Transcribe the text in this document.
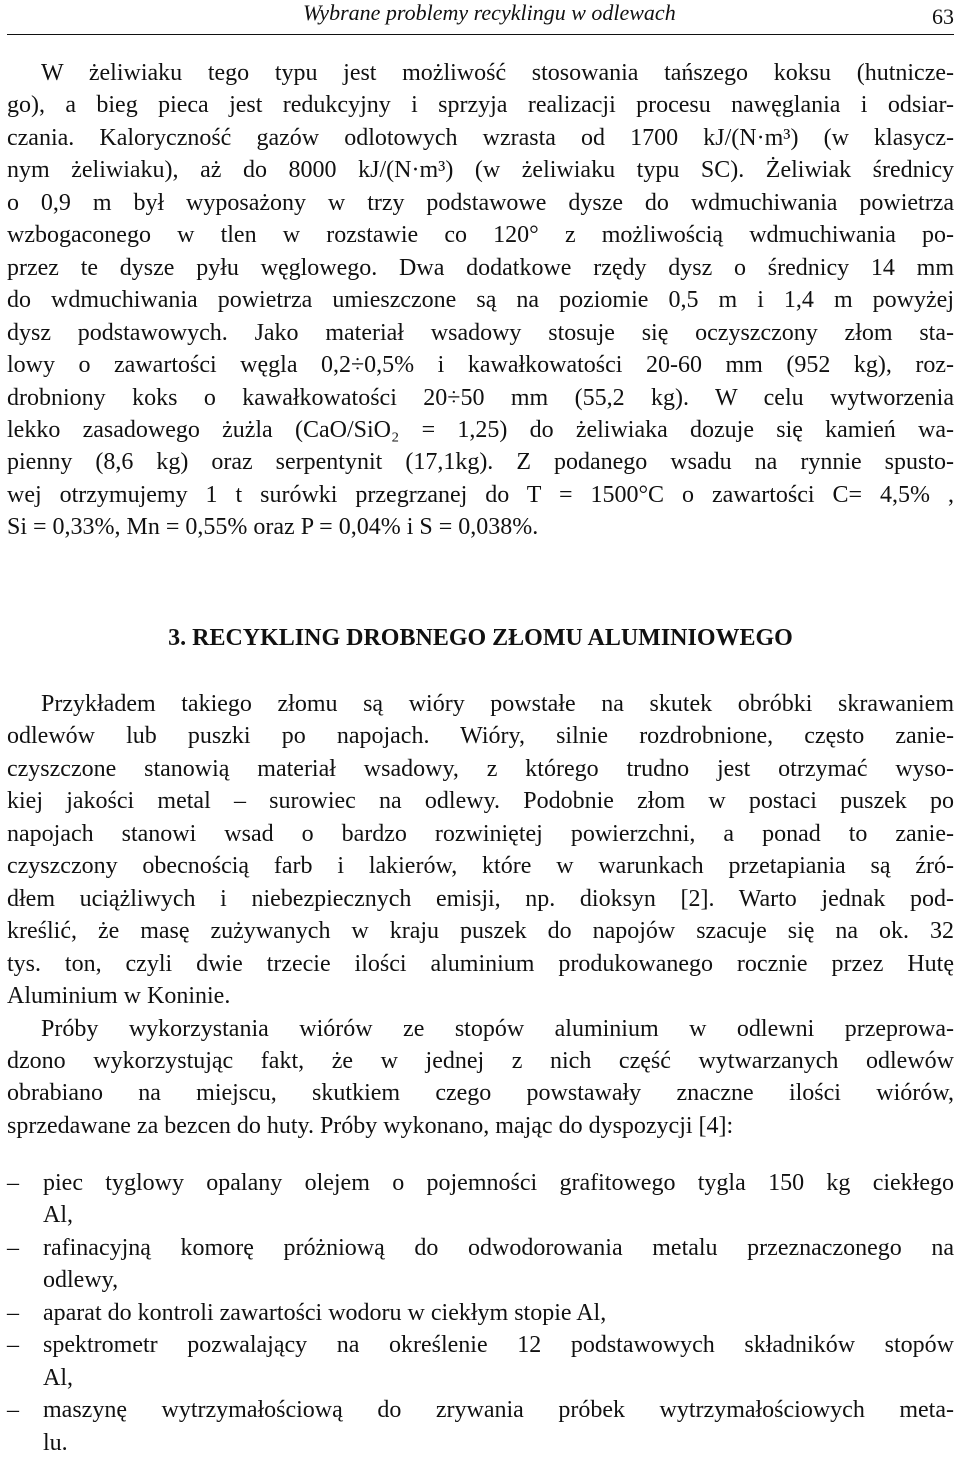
Wybrane problemy recyklingu w odlewach	63
W żeliwiaku tego typu jest możliwość stosowania tańszego koksu (hutnicze-
go), a bieg pieca jest redukcyjny i sprzyja realizacji procesu nawęglania i odsiar-
czania. Kaloryczność gazów odlotowych wzrasta od 1700 kJ/(N·m³) (w klasycz-
nym żeliwiaku), aż do 8000 kJ/(N·m³) (w żeliwiaku typu SC). Żeliwiak średnicy
o 0,9 m był wyposażony w trzy podstawowe dysze do wdmuchiwania powietrza
wzbogaconego w tlen w rozstawie co 120° z możliwością wdmuchiwania po-
przez te dysze pyłu węglowego. Dwa dodatkowe rzędy dysz o średnicy 14 mm
do wdmuchiwania powietrza umieszczone są na poziomie 0,5 m i 1,4 m powyżej
dysz podstawowych. Jako materiał wsadowy stosuje się oczyszczony złom sta-
lowy o zawartości węgla 0,2÷0,5% i kawałkowatości 20-60 mm (952 kg), roz-
drobniony koks o kawałkowatości 20÷50 mm (55,2 kg). W celu wytworzenia
lekko zasadowego żużla (CaO/SiO₂ = 1,25) do żeliwiaka dozuje się kamień wa-
pienny (8,6 kg) oraz serpentynit (17,1kg). Z podanego wsadu na rynnie spusto-
wej otrzymujemy 1 t surówki przegrzanej do T = 1500°C o zawartości C= 4,5% ,
Si = 0,33%, Mn = 0,55% oraz P = 0,04% i S = 0,038%.
3. RECYKLING DROBNEGO ZŁOMU ALUMINIOWEGO
Przykładem takiego złomu są wióry powstałe na skutek obróbki skrawaniem
odlewów lub puszki po napojach. Wióry, silnie rozdrobnione, często zanie-
czyszczone stanowią materiał wsadowy, z którego trudno jest otrzymać wyso-
kiej jakości metal – surowiec na odlewy. Podobnie złom w postaci puszek po
napojach stanowi wsad o bardzo rozwiniętej powierzchni, a ponad to zanie-
czyszczony obecnością farb i lakierów, które w warunkach przetapiania są źró-
dłem uciążliwych i niebezpiecznych emisji, np. dioksyn [2]. Warto jednak pod-
kreślić, że masę zużywanych w kraju puszek do napojów szacuje się na ok. 32
tys. ton, czyli dwie trzecie ilości aluminium produkowanego rocznie przez Hutę
Aluminium w Koninie.
Próby wykorzystania wiórów ze stopów aluminium w odlewni przeprowa-
dzono wykorzystując fakt, że w jednej z nich część wytwarzanych odlewów
obrabiano na miejscu, skutkiem czego powstawały znaczne ilości wiórów,
sprzedawane za bezcen do huty. Próby wykonano, mając do dyspozycji [4]:
– piec tyglowy opalany olejem o pojemności grafitowego tygla 150 kg ciekłego
Al,
– rafinacyjną komorę próżniową do odwodorowania metalu przeznaczonego na
odlewy,
– aparat do kontroli zawartości wodoru w ciekłym stopie Al,
– spektrometr pozwalający na określenie 12 podstawowych składników stopów
Al,
– maszynę wytrzymałościową do zrywania próbek wytrzymałościowych meta-
lu.
